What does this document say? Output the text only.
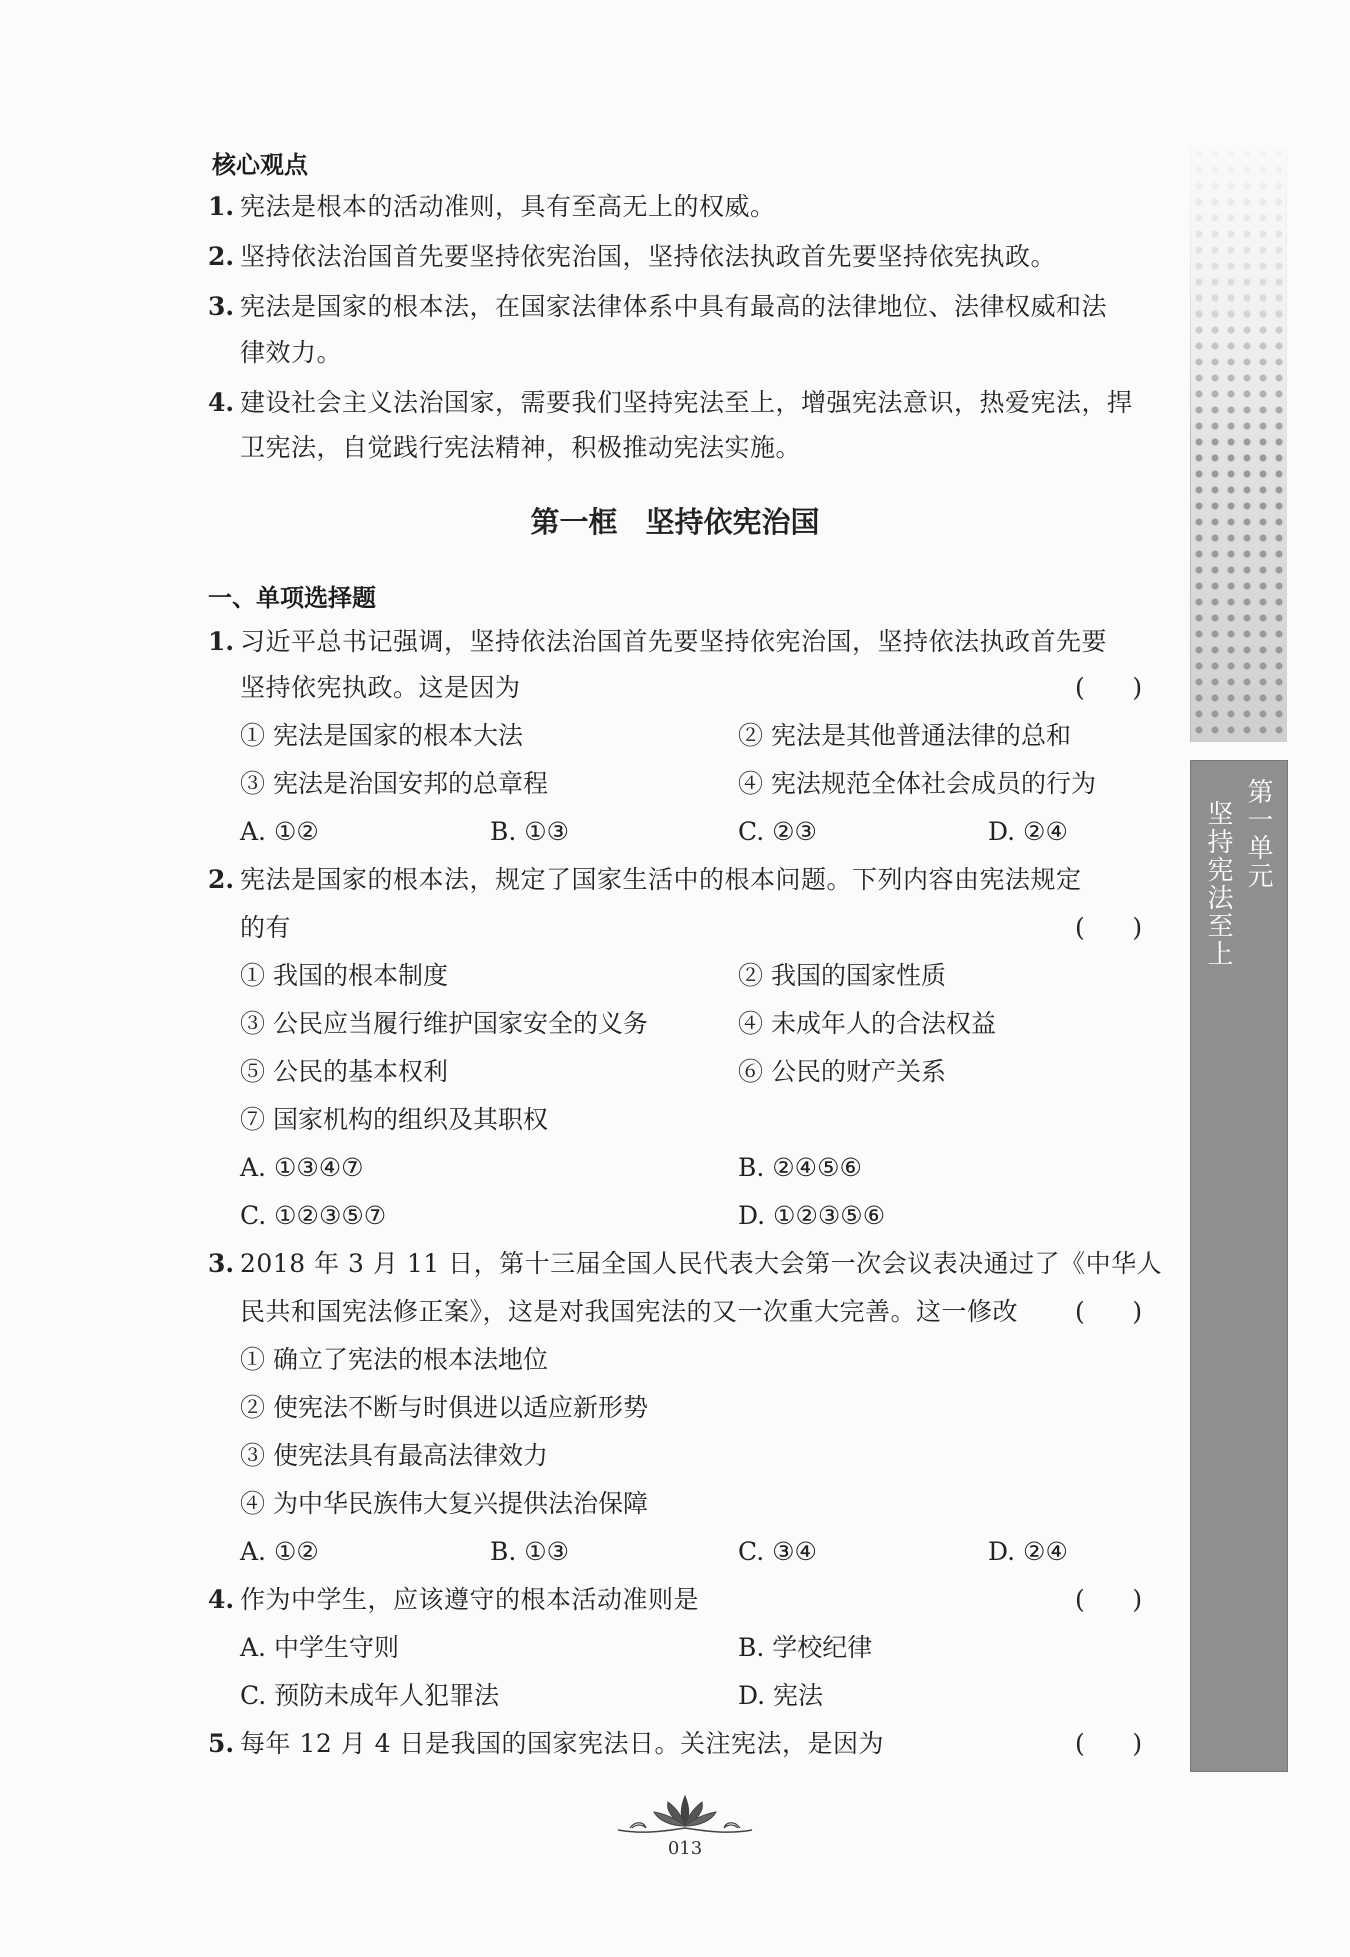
核心观点
1. 宪法是根本的活动准则，具有至高无上的权威。
2. 坚持依法治国首先要坚持依宪治国，坚持依法执政首先要坚持依宪执政。
3. 宪法是国家的根本法，在国家法律体系中具有最高的法律地位、法律权威和法
律效力。
4. 建设社会主义法治国家，需要我们坚持宪法至上，增强宪法意识，热爱宪法，捍
卫宪法，自觉践行宪法精神，积极推动宪法实施。
第一框 坚持依宪治国
一、单项选择题
1. 习近平总书记强调，坚持依法治国首先要坚持依宪治国，坚持依法执政首先要
坚持依宪执政。这是因为	(      )
① 宪法是国家的根本大法	② 宪法是其他普通法律的总和
③ 宪法是治国安邦的总章程	④ 宪法规范全体社会成员的行为
A. ①②	B. ①③	C. ②③	D. ②④
2. 宪法是国家的根本法，规定了国家生活中的根本问题。下列内容由宪法规定
的有	(      )
① 我国的根本制度	② 我国的国家性质
③ 公民应当履行维护国家安全的义务	④ 未成年人的合法权益
⑤ 公民的基本权利	⑥ 公民的财产关系
⑦ 国家机构的组织及其职权
A. ①③④⑦	B. ②④⑤⑥
C. ①②③⑤⑦	D. ①②③⑤⑥
3. 2018 年 3 月 11 日，第十三届全国人民代表大会第一次会议表决通过了《中华人
民共和国宪法修正案》，这是对我国宪法的又一次重大完善。这一修改 (      )
① 确立了宪法的根本法地位
② 使宪法不断与时俱进以适应新形势
③ 使宪法具有最高法律效力
④ 为中华民族伟大复兴提供法治保障
A. ①②	B. ①③	C. ③④	D. ②④
4. 作为中学生，应该遵守的根本活动准则是	(      )
A. 中学生守则	B. 学校纪律
C. 预防未成年人犯罪法	D. 宪法
5. 每年 12 月 4 日是我国的国家宪法日。关注宪法，是因为	(      )
第一单元
坚持宪法至上
013
